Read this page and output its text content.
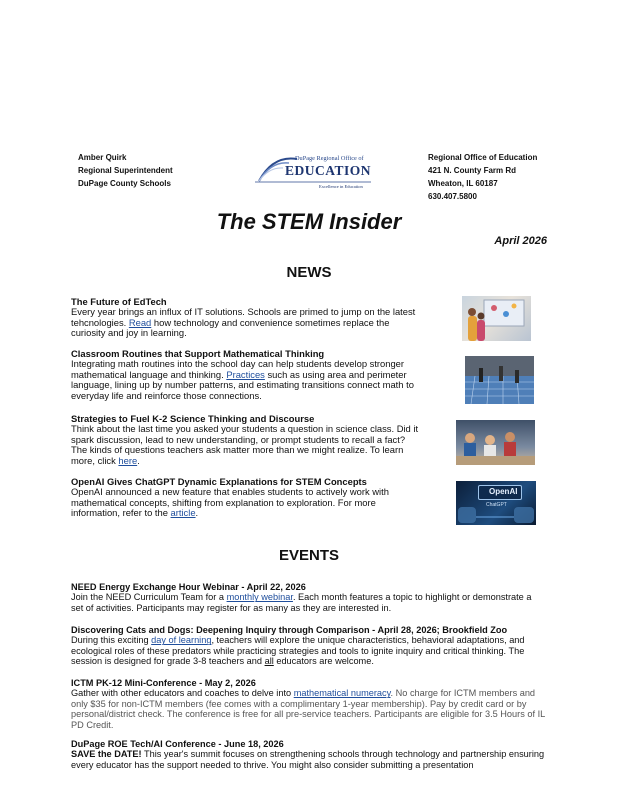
Amber Quirk
Regional Superintendent
DuPage County Schools
DuPage Regional Office of
EDUCATION
Excellence in Education
Regional Office of Education
421 N. County Farm Rd
Wheaton, IL 60187
630.407.5800
The STEM Insider
April 2026
NEWS
The Future of EdTech
Every year brings an influx of IT solutions. Schools are primed to jump on the latest tehcnologies. Read how technology and convenience sometimes replace the curiosity and joy in learning.
Classroom Routines that Support Mathematical Thinking
Integrating math routines into the school day can help students develop stronger mathematical language and thinking. Practices such as using area and perimeter language, lining up by number patterns, and estimating transitions connect math to everyday life and reinforce those connections.
Strategies to Fuel K-2 Science Thinking and Discourse
Think about the last time you asked your students a question in science class. Did it spark discussion, lead to new understanding, or prompt students to recall a fact? The kinds of questions teachers ask matter more than we might realize. To learn more, click here.
OpenAI Gives ChatGPT Dynamic Explanations for STEM Concepts
OpenAI announced a new feature that enables students to actively work with mathematical concepts, shifting from explanation to exploration. For more information, refer to the article.
OpenAI
ChatGPT
EVENTS
NEED Energy Exchange Hour Webinar - April 22, 2026
Join the NEED Curriculum Team for a monthly webinar. Each month features a topic to highlight or demonstrate a set of activities. Participants may register for as many as they are interested in.
Discovering Cats and Dogs: Deepening Inquiry through Comparison - April 28, 2026; Brookfield Zoo
During this exciting day of learning, teachers will explore the unique characteristics, behavioral adaptations, and ecological roles of these predators while practicing strategies and tools to ignite inquiry and critical thinking. The session is designed for grade 3-8 teachers and all educators are welcome.
ICTM PK-12 Mini-Conference - May 2, 2026
Gather with other educators and coaches to delve into mathematical numeracy. No charge for ICTM members and only $35 for non-ICTM members (fee comes with a complimentary 1-year membership). Pay by credit card or by personal/district check. The conference is free for all pre-service teachers. Participants are eligible for 3.5 Hours of IL PD Credit.
DuPage ROE Tech/AI Conference - June 18, 2026
SAVE the DATE! This year's summit focuses on strengthening schools through technology and partnership ensuring every educator has the support needed to thrive. You might also consider submitting a presentation
